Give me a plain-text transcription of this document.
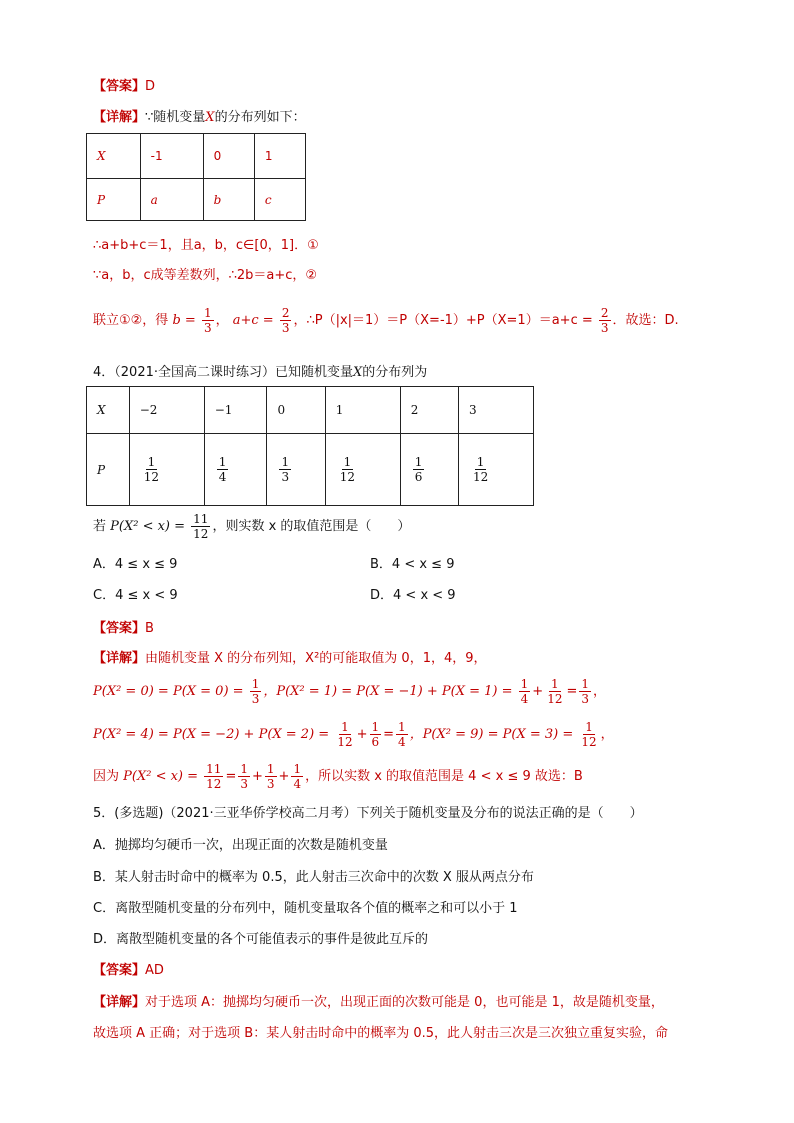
【答案】D
【详解】∵随机变量X的分布列如下：
X	-1	0	1
P	a	b	c
∴a+b+c＝1，且a，b，c∈[0，1]．①
∵a，b，c成等差数列，∴2b＝a+c，②
联立①②，得 $b = \frac{1}{3}$ ， $a+c = \frac{2}{3}$ ，∴P（|x|＝1）＝P（X=-1）+P（X=1）＝a+c = $\frac{2}{3}$ ．故选：D.
4．（2021·全国高二课时练习）已知随机变量X的分布列为
X	−2	−1	0	1	2	3
P	$\frac{1}{12}$	$\frac{1}{4}$	$\frac{1}{3}$	$\frac{1}{12}$	$\frac{1}{6}$	$\frac{1}{12}$
若 $P(X^2 < x) = \frac{11}{12}$ ，则实数 x 的取值范围是（　　）
A．4 ≤ x ≤ 9	B．4 < x ≤ 9
C．4 ≤ x < 9	D．4 < x < 9
【答案】B
【详解】由随机变量 X 的分布列知，X²的可能取值为 0，1，4，9，
$P(X^2 = 0) = P(X = 0) = \frac{1}{3}$ ，$P(X^2 = 1) = P(X = -1) + P(X = 1) = \frac{1}{4} + \frac{1}{12} = \frac{1}{3}$ ，
$P(X^2 = 4) = P(X = -2) + P(X = 2) = \frac{1}{12} + \frac{1}{6} = \frac{1}{4}$ ，$P(X^2 = 9) = P(X = 3) = \frac{1}{12}$ ，
因为 $P(X^2 < x) = \frac{11}{12} = \frac{1}{3} + \frac{1}{3} + \frac{1}{4}$ ，所以实数 x 的取值范围是 4 < x ≤ 9 故选：B
5．(多选题)（2021·三亚华侨学校高二月考）下列关于随机变量及分布的说法正确的是（　　）
A．抛掷均匀硬币一次，出现正面的次数是随机变量
B．某人射击时命中的概率为 0.5，此人射击三次命中的次数 X 服从两点分布
C．离散型随机变量的分布列中，随机变量取各个值的概率之和可以小于 1
D．离散型随机变量的各个可能值表示的事件是彼此互斥的
【答案】AD
【详解】对于选项 A：抛掷均匀硬币一次，出现正面的次数可能是 0，也可能是 1，故是随机变量，
故选项 A 正确；对于选项 B：某人射击时命中的概率为 0.5，此人射击三次是三次独立重复实验，命
